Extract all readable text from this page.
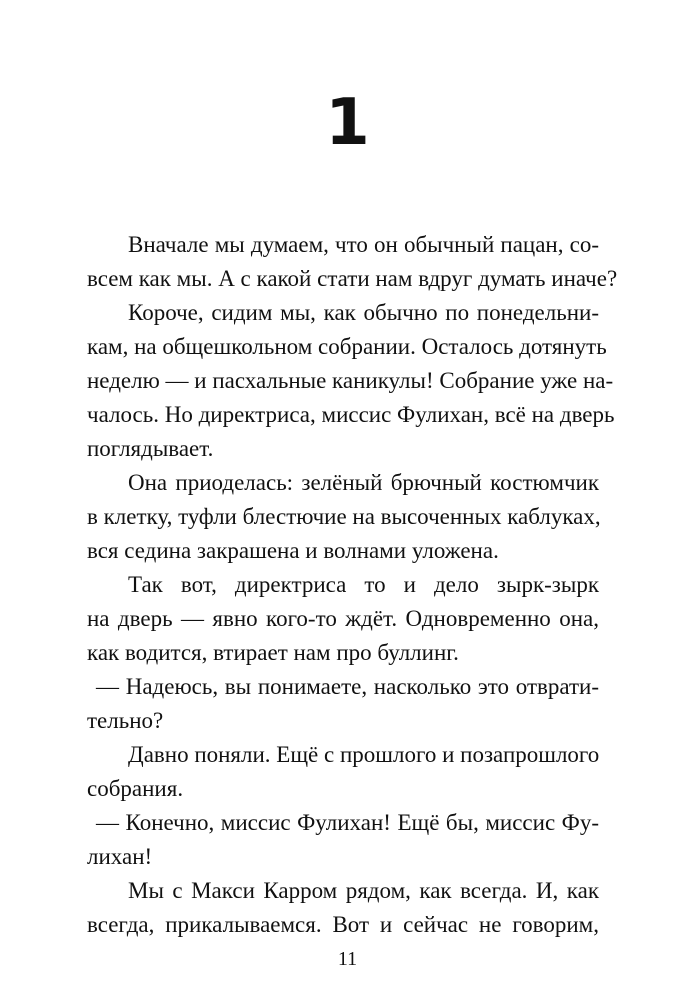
1
Вначале мы думаем, что он обычный пацан, со-
всем как мы. А с какой стати нам вдруг думать иначе?
Короче, сидим мы, как обычно по понедельни-
кам, на общешкольном собрании. Осталось дотянуть
неделю — и пасхальные каникулы! Собрание уже на-
чалось. Но директриса, миссис Фулихан, всё на дверь
поглядывает.
Она приоделась: зелёный брючный костюмчик
в клетку, туфли блестючие на высоченных каблуках,
вся седина закрашена и волнами уложена.
Так вот, директриса то и дело зырк-зырк
на дверь — явно кого-то ждёт. Одновременно она,
как водится, втирает нам про буллинг.
— Надеюсь, вы понимаете, насколько это отврати-
тельно?
Давно поняли. Ещё с прошлого и позапрошлого
собрания.
— Конечно, миссис Фулихан! Ещё бы, миссис Фу-
лихан!
Мы с Макси Карром рядом, как всегда. И, как
всегда, прикалываемся. Вот и сейчас не говорим,
11
